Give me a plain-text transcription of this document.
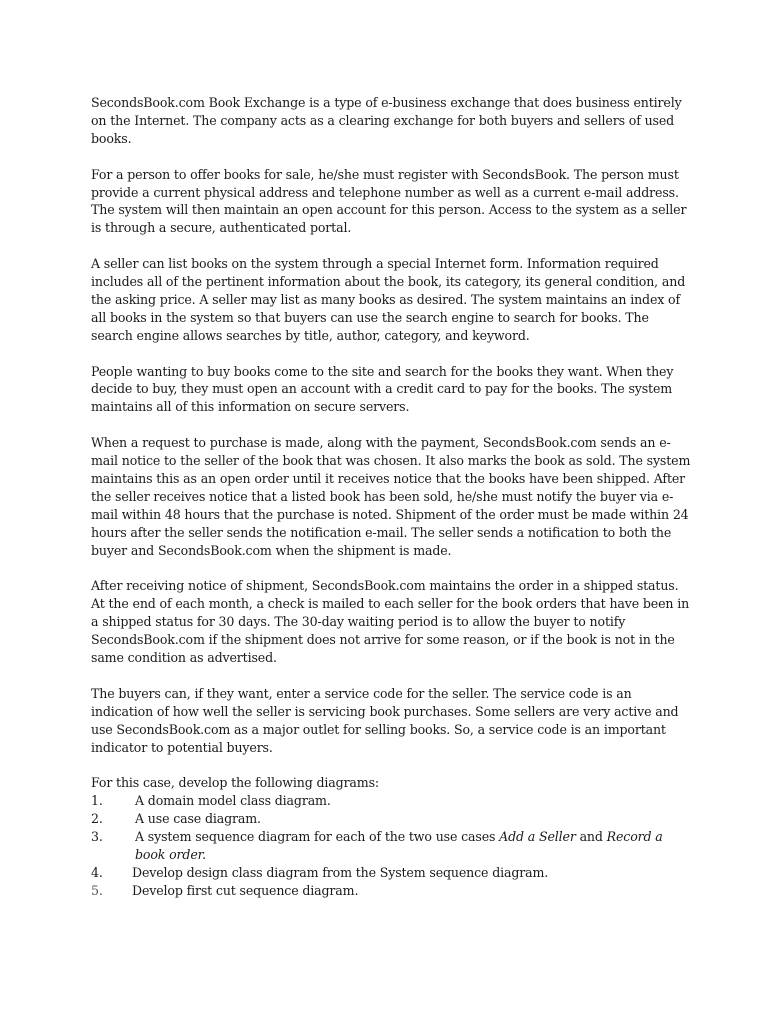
SecondsBook.com Book Exchange is a type of e-business exchange that does business entirely on the Internet. The company acts as a clearing exchange for both buyers and sellers of used books.

For a person to offer books for sale, he/she must register with SecondsBook. The person must provide a current physical address and telephone number as well as a current e-mail address. The system will then maintain an open account for this person. Access to the system as a seller is through a secure, authenticated portal.

A seller can list books on the system through a special Internet form. Information required includes all of the pertinent information about the book, its category, its general condition, and the asking price. A seller may list as many books as desired. The system maintains an index of all books in the system so that buyers can use the search engine to search for books. The search engine allows searches by title, author, category, and keyword.

People wanting to buy books come to the site and search for the books they want. When they decide to buy, they must open an account with a credit card to pay for the books. The system maintains all of this information on secure servers.

When a request to purchase is made, along with the payment, SecondsBook.com sends an e-mail notice to the seller of the book that was chosen. It also marks the book as sold. The system maintains this as an open order until it receives notice that the books have been shipped. After the seller receives notice that a listed book has been sold, he/she must notify the buyer via e-mail within 48 hours that the purchase is noted. Shipment of the order must be made within 24 hours after the seller sends the notification e-mail. The seller sends a notification to both the buyer and SecondsBook.com when the shipment is made.

After receiving notice of shipment, SecondsBook.com maintains the order in a shipped status. At the end of each month, a check is mailed to each seller for the book orders that have been in a shipped status for 30 days. The 30-day waiting period is to allow the buyer to notify SecondsBook.com if the shipment does not arrive for some reason, or if the book is not in the same condition as advertised.

The buyers can, if they want, enter a service code for the seller. The service code is an indication of how well the seller is servicing book purchases. Some sellers are very active and use SecondsBook.com as a major outlet for selling books. So, a service code is an important indicator to potential buyers.

For this case, develop the following diagrams:
1.	A domain model class diagram.
2.	A use case diagram.
3.	A system sequence diagram for each of the two use cases Add a Seller and Record a book order.
4. Develop design class diagram from the System sequence diagram.
5. Develop first cut sequence diagram.
